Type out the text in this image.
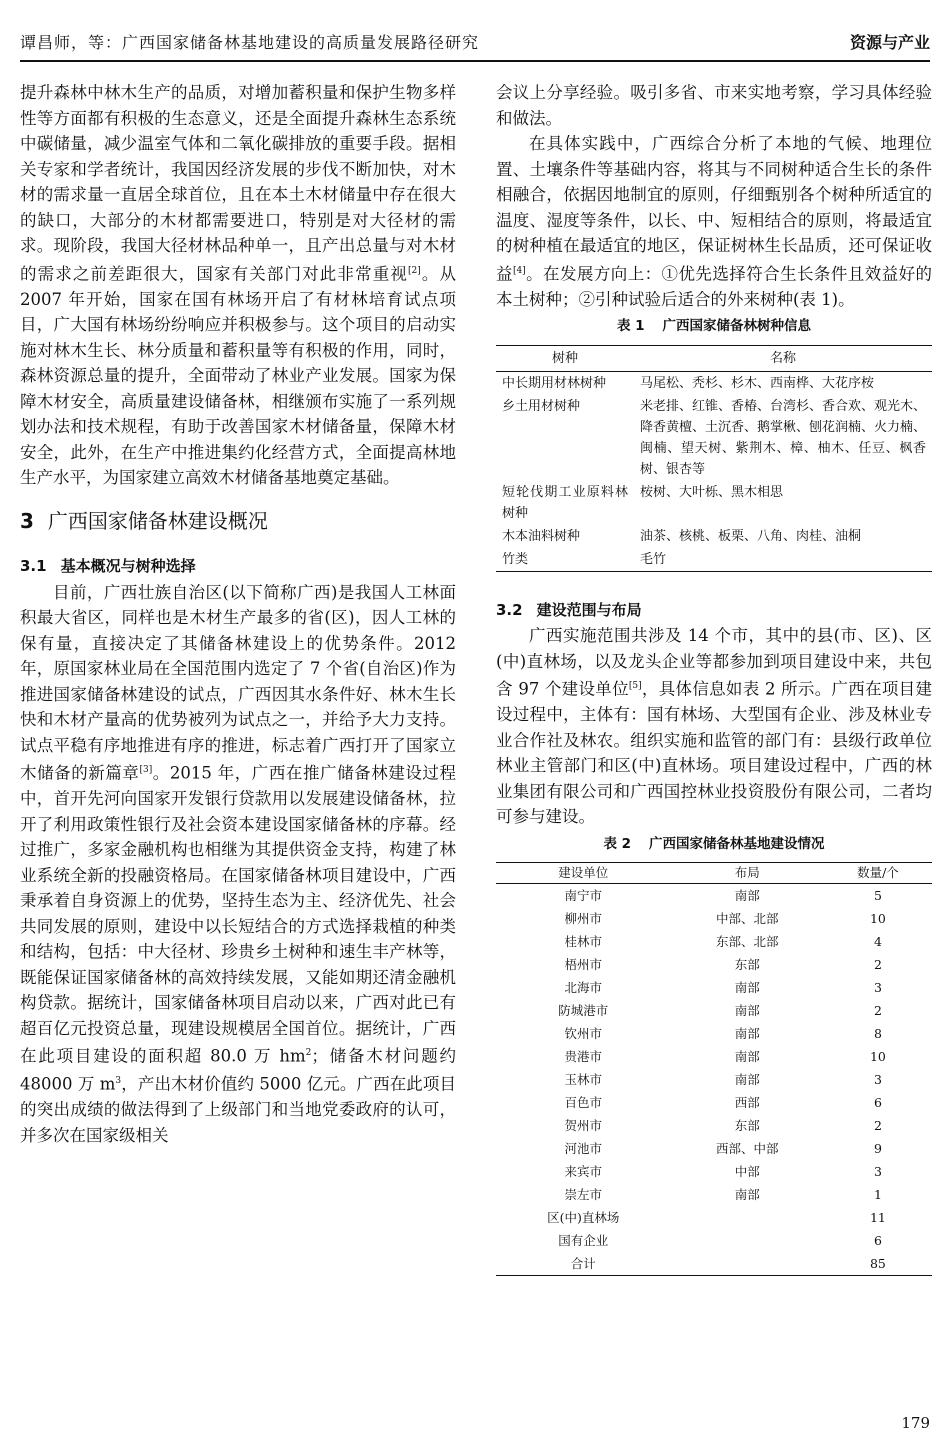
谭昌师，等：广西国家储备林基地建设的高质量发展路径研究	资源与产业

提升森林中林木生产的品质，对增加蓄积量和保护生物多样性等方面都有积极的生态意义，还是全面提升森林生态系统中碳储量，减少温室气体和二氧化碳排放的重要手段。据相关专家和学者统计，我国因经济发展的步伐不断加快，对木材的需求量一直居全球首位，且在本土木材储量中存在很大的缺口，大部分的木材都需要进口，特别是对大径材的需求。现阶段，我国大径材林品种单一，且产出总量与对木材的需求之前差距很大，国家有关部门对此非常重视[2]。从 2007 年开始，国家在国有林场开启了有材林培育试点项目，广大国有林场纷纷响应并积极参与。这个项目的启动实施对林木生长、林分质量和蓄积量等有积极的作用，同时，森林资源总量的提升，全面带动了林业产业发展。国家为保障木材安全，高质量建设储备林，相继颁布实施了一系列规划办法和技术规程，有助于改善国家木材储备量，保障木材安全，此外，在生产中推进集约化经营方式，全面提高林地生产水平，为国家建立高效木材储备基地奠定基础。

3 广西国家储备林建设概况
3.1 基本概况与树种选择

目前，广西壮族自治区(以下简称广西)是我国人工林面积最大省区，同样也是木材生产最多的省(区)，因人工林的保有量，直接决定了其储备林建设上的优势条件。2012 年，原国家林业局在全国范围内选定了 7 个省(自治区)作为推进国家储备林建设的试点，广西因其水条件好、林木生长快和木材产量高的优势被列为试点之一，并给予大力支持。试点平稳有序地推进有序的推进，标志着广西打开了国家立木储备的新篇章[3]。2015 年，广西在推广储备林建设过程中，首开先河向国家开发银行贷款用以发展建设储备林，拉开了利用政策性银行及社会资本建设国家储备林的序幕。经过推广，多家金融机构也相继为其提供资金支持，构建了林业系统全新的投融资格局。在国家储备林项目建设中，广西秉承着自身资源上的优势，坚持生态为主、经济优先、社会共同发展的原则，建设中以长短结合的方式选择栽植的种类和结构，包括：中大径材、珍贵乡土树种和速生丰产林等，既能保证国家储备林的高效持续发展，又能如期还清金融机构贷款。据统计，国家储备林项目启动以来，广西对此已有超百亿元投资总量，现建设规模居全国首位。据统计，广西在此项目建设的面积超 80.0 万 $hm^2$；储备木材问题约 48000 万 $m^3$，产出木材价值约 5000 亿元。广西在此项目的突出成绩的做法得到了上级部门和当地党委政府的认可，并多次在国家级相关

会议上分享经验。吸引多省、市来实地考察，学习具体经验和做法。

在具体实践中，广西综合分析了本地的气候、地理位置、土壤条件等基础内容，将其与不同树种适合生长的条件相融合，依据因地制宜的原则，仔细甄别各个树种所适宜的温度、湿度等条件，以长、中、短相结合的原则，将最适宜的树种植在最适宜的地区，保证树林生长品质，还可保证收益[4]。在发展方向上：①优先选择符合生长条件且效益好的本土树种；②引种试验后适合的外来树种(表 1)。

表 1 广西国家储备林树种信息
树种	名称
中长期用材林树种	马尾松、秃杉、杉木、西南桦、大花序桉
乡土用材树种	米老排、红锥、香椿、台湾杉、香合欢、观光木、降香黄檀、土沉香、鹅掌楸、刨花润楠、火力楠、闽楠、望天树、紫荆木、樟、柚木、任豆、枫香树、银杏等
短轮伐期工业原料林树种	桉树、大叶栎、黑木相思
木本油料树种	油茶、核桃、板栗、八角、肉桂、油桐
竹类	毛竹
3.2 建设范围与布局

广西实施范围共涉及 14 个市，其中的县(市、区)、区(中)直林场，以及龙头企业等都参加到项目建设中来，共包含 97 个建设单位[5]，具体信息如表 2 所示。广西在项目建设过程中，主体有：国有林场、大型国有企业、涉及林业专业合作社及林农。组织实施和监管的部门有：县级行政单位林业主管部门和区(中)直林场。项目建设过程中，广西的林业集团有限公司和广西国控林业投资股份有限公司，二者均可参与建设。

表 2 广西国家储备林基地建设情况
建设单位	布局	数量/个
南宁市	南部	5
柳州市	中部、北部	10
桂林市	东部、北部	4
梧州市	东部	2
北海市	南部	3
防城港市	南部	2
钦州市	南部	8
贵港市	南部	10
玉林市	南部	3
百色市	西部	6
贺州市	东部	2
河池市	西部、中部	9
来宾市	中部	3
崇左市	南部	1
区(中)直林场		11
国有企业		6
合计		85
179
